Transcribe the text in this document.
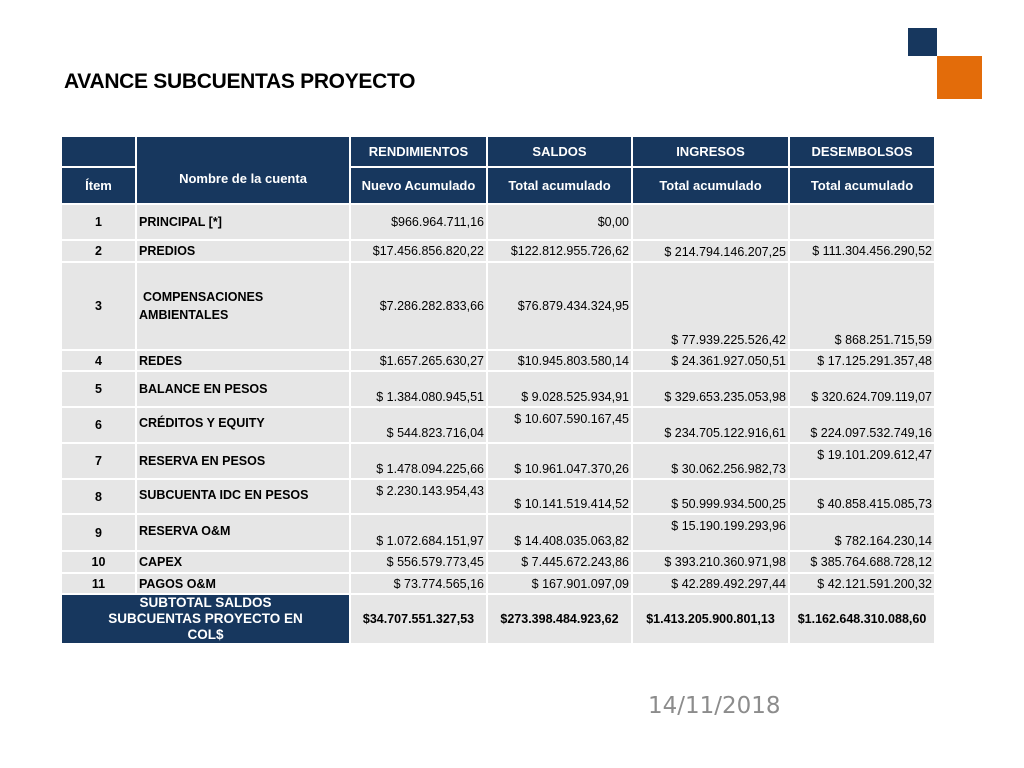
AVANCE SUBCUENTAS PROYECTO
	Nombre de la cuenta	RENDIMIENTOS	SALDOS	INGRESOS	DESEMBOLSOS
Ítem		Nuevo Acumulado	Total acumulado	Total acumulado	Total acumulado
1	PRINCIPAL [*]	$966.964.711,16	$0,00		
2	PREDIOS	$17.456.856.820,22	$122.812.955.726,62	$ 214.794.146.207,25	$ 111.304.456.290,52
3	COMPENSACIONES AMBIENTALES	$7.286.282.833,66	$76.879.434.324,95	$ 77.939.225.526,42	$ 868.251.715,59
4	REDES	$1.657.265.630,27	$10.945.803.580,14	$ 24.361.927.050,51	$ 17.125.291.357,48
5	BALANCE EN PESOS	$ 1.384.080.945,51	$ 9.028.525.934,91	$ 329.653.235.053,98	$ 320.624.709.119,07
6	CRÉDITOS Y EQUITY	$ 544.823.716,04	$ 10.607.590.167,45	$ 234.705.122.916,61	$ 224.097.532.749,16
7	RESERVA EN PESOS	$ 1.478.094.225,66	$ 10.961.047.370,26	$ 30.062.256.982,73	$ 19.101.209.612,47
8	SUBCUENTA IDC EN PESOS	$ 2.230.143.954,43	$ 10.141.519.414,52	$ 50.999.934.500,25	$ 40.858.415.085,73
9	RESERVA O&M	$ 1.072.684.151,97	$ 14.408.035.063,82	$ 15.190.199.293,96	$ 782.164.230,14
10	CAPEX	$ 556.579.773,45	$ 7.445.672.243,86	$ 393.210.360.971,98	$ 385.764.688.728,12
11	PAGOS O&M	$ 73.774.565,16	$ 167.901.097,09	$ 42.289.492.297,44	$ 42.121.591.200,32
SUBTOTAL SALDOS SUBCUENTAS PROYECTO EN COL$		$34.707.551.327,53	$273.398.484.923,62	$1.413.205.900.801,13	$1.162.648.310.088,60
14/11/2018
